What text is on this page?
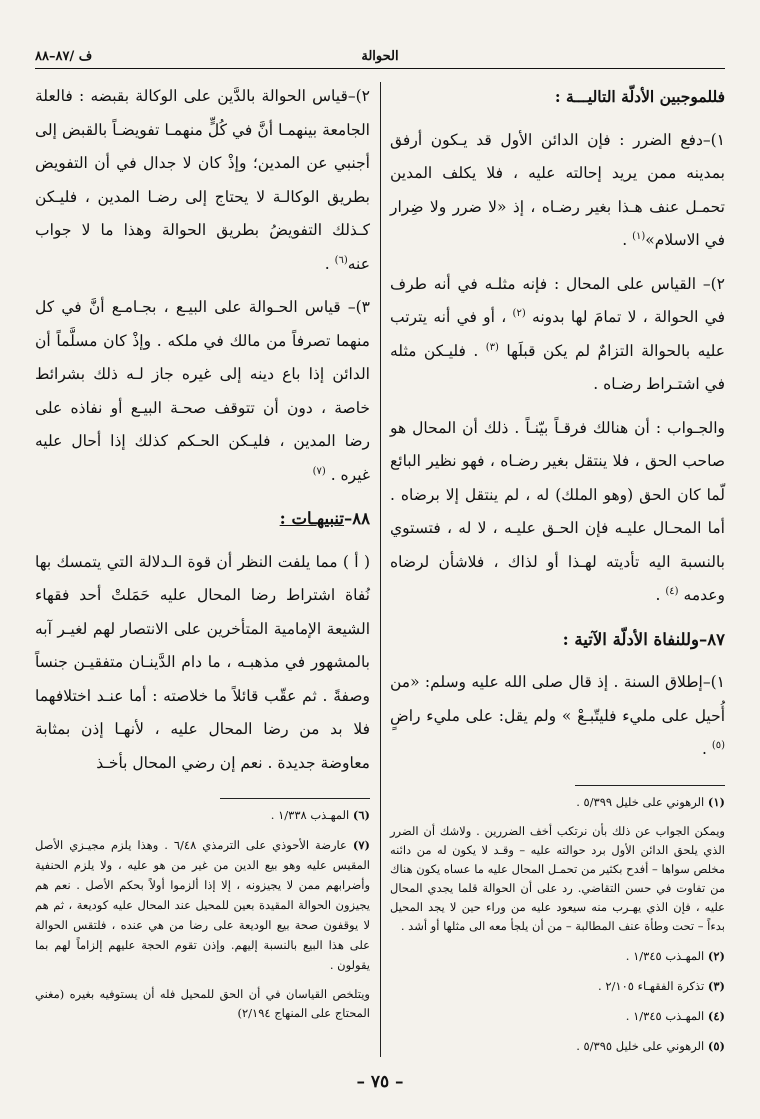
الحوالة
ف /٨٧–٨٨

فللموجبين الأدلّة التاليـــة :

١)–دفع الضرر : فإن الدائن الأول قد يـكون أرفق بمدينه ممن يريد إحالته عليه ، فلا يكلف المدين تحمـل عنف هـذا بغير رضـاه ، إذ «لا ضرر ولا ضِرار في الاسلام»$^{(١)}$ .

٢)– القياس على المحال : فإنه مثلـه في أنه طرف في الحوالة ، لا تمامَ لها بدونه $^{(٢)}$ ، أو في أنه يترتب عليه بالحوالة التزامٌ لم يكن قبلَها $^{(٣)}$ . فليـكن مثله في اشتـراط رضـاه .

والجـواب : أن هنالك فرقـاً بيّنـاً . ذلك أن المحال هو صاحب الحق ، فلا ينتقل بغير رضـاه ، فهو نظير البائع لّما كان الحق (وهو الملك) له ، لم ينتقل إلا برضاه . أما المحـال عليـه فإن الحـق عليـه ، لا له ، فتستوي بالنسبة اليه تأديته لهـذا أو لذاك ، فلاشأن لرضاه وعدمه $^{(٤)}$ .

٨٧–وللنفاة الأدلّة الآتية :

١)–إطلاق السنة . إذ قال صلى الله عليه وسلم: «من أُحيل على مليء فليتّبـعْ » ولم يقل: على مليء راضٍ $^{(٥)}$ .

(١) الرهوني على خليل ٥/٣٩٩ .

ويمكن الجواب عن ذلك بأن نرتكب أخف الضررين . ولاشك أن الضرر الذي يلحق الدائن الأول برد حوالته عليه – وقـد لا يكون له من دائنه مخلص سواها – أفدح بكثير من تحمـل المحال عليه ما عساه يكون هناك من تفاوت في حسن التقاضي. رد على أن الحوالة قلما يجدي المحال عليه ، فإن الذي يهـرب منه سيعود عليه من وراء حين لا يجد المحيل بدءاً – تحت وطأة عنف المطالبة – من أن يلجأ معه الى مثلها أو أشد .

(٢) المهـذب ١/٣٤٥ .

(٣) تذكرة الفقهـاء ٢/١٠٥ .

(٤) المهـذب ١/٣٤٥ .

(٥) الرهوني على خليل ٥/٣٩٥ .

٢)–قياس الحوالة بالدَّين على الوكالة بقبضه : فالعلة الجامعة بينهمـا أنَّ في كُلٍّ منهمـا تفويضـاً بالقبض إلى أجنبي عن المدين؛ وإذْ كان لا جدال في أن التفويض بطريق الوكالـة لا يحتاج إلى رضـا المدين ، فليـكن كـذلك التفويضُ بطريق الحوالة وهذا ما لا جواب عنه$^{(٦)}$ .

٣)– قياس الحـوالة على البيـع ، بجـامـع أنَّ في كل منهما تصرفاً من مالك في ملكه . وإذْ كان مسلَّماً أن الدائن إذا باع دينه إلى غيره جاز لـه ذلك بشرائط خاصة ، دون أن تتوقف صحـة البيـع أو نفاذه على رضا المدين ، فليـكن الحـكم كذلك إذا أحال عليه غيره . $^{(٧)}$

٨٨–تنبيهـات :

( أ ) مما يلفت النظر أن قوة الـدلالة التي يتمسك بها نُفاة اشتراط رضا المحال عليه حَمَلتْ أحد فقهاء الشيعة الإمامية المتأخرين على الانتصار لهم لغيـر آبه بالمشهور في مذهبـه ، ما دام الدَّينـان متفقيـن جنساً وصفةً . ثم عقّب قائلاً ما خلاصته : أما عنـد اختلافهما فلا بد من رضا المحال عليه ، لأنهـا إذن بمثابة معاوضة جديدة . نعم إن رضي المحال بأخـذ

(٦) المهـذب ١/٣٣٨ .

(٧) عارضة الأحوذي على الترمذي ٦/٤٨ . وهذا يلزم مجيـزي الأصل المقيس عليه وهو بيع الدين من غير من هو عليه ، ولا يلزم الحنفية وأضرابهم ممن لا يجيزونه ، إلا إذا ألزموا أولاً بحكم الأصل . نعم هم يجيزون الحوالة المقيدة بعين للمحيل عند المحال عليه كوديعة ، ثم هم لا يوقفون صحة بيع الوديعة على رضا من هي عنده ، فلتقس الحوالة على هذا البيع بالنسبة إليهم. وإذن تقوم الحجة عليهم إلزاماً لهم بما يقولون .

ويتلخص القياسان في أن الحق للمحيل فله أن يستوفيه بغيره (مغني المحتاج على المنهاج ٢/١٩٤)

– ٧٥ –
